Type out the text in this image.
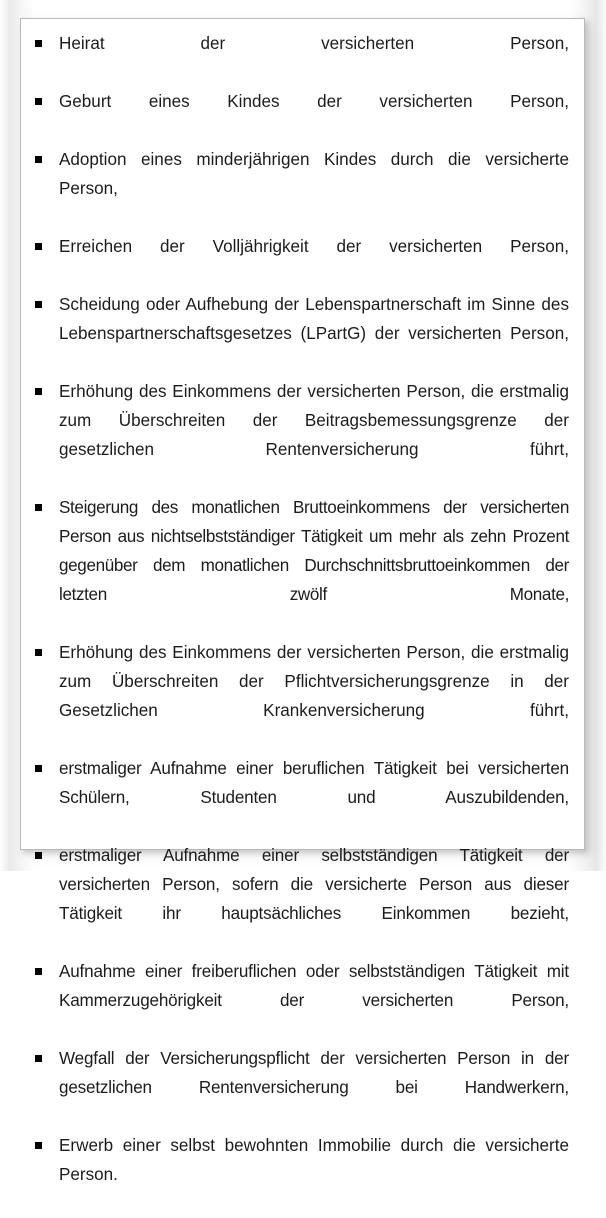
Heirat der versicherten Person,
Geburt eines Kindes der versicherten Person,
Adoption eines minderjährigen Kindes durch die versicherte Person,
Erreichen der Volljährigkeit der versicherten Person,
Scheidung oder Aufhebung der Lebenspartnerschaft im Sinne des Lebenspartnerschaftsgesetzes (LPartG) der versicherten Person,
Erhöhung des Einkommens der versicherten Person, die erstmalig zum Überschreiten der Beitragsbemessungsgrenze der gesetzlichen Rentenversicherung führt,
Steigerung des monatlichen Bruttoeinkommens der versicherten Person aus nichtselbstständiger Tätigkeit um mehr als zehn Prozent gegenüber dem monatlichen Durchschnittsbruttoeinkommen der letzten zwölf Monate,
Erhöhung des Einkommens der versicherten Person, die erstmalig zum Überschreiten der Pflichtversicherungsgrenze in der Gesetzlichen Krankenversicherung führt,
erstmaliger Aufnahme einer beruflichen Tätigkeit bei versicherten Schülern, Studenten und Auszubildenden,
erstmaliger Aufnahme einer selbstständigen Tätigkeit der versicherten Person, sofern die versicherte Person aus dieser Tätigkeit ihr hauptsächliches Einkommen bezieht,
Aufnahme einer freiberuflichen oder selbstständigen Tätigkeit mit Kammerzugehörigkeit der versicherten Person,
Wegfall der Versicherungspflicht der versicherten Person in der gesetzlichen Rentenversicherung bei Handwerkern,
Erwerb einer selbst bewohnten Immobilie durch die versicherte Person.
